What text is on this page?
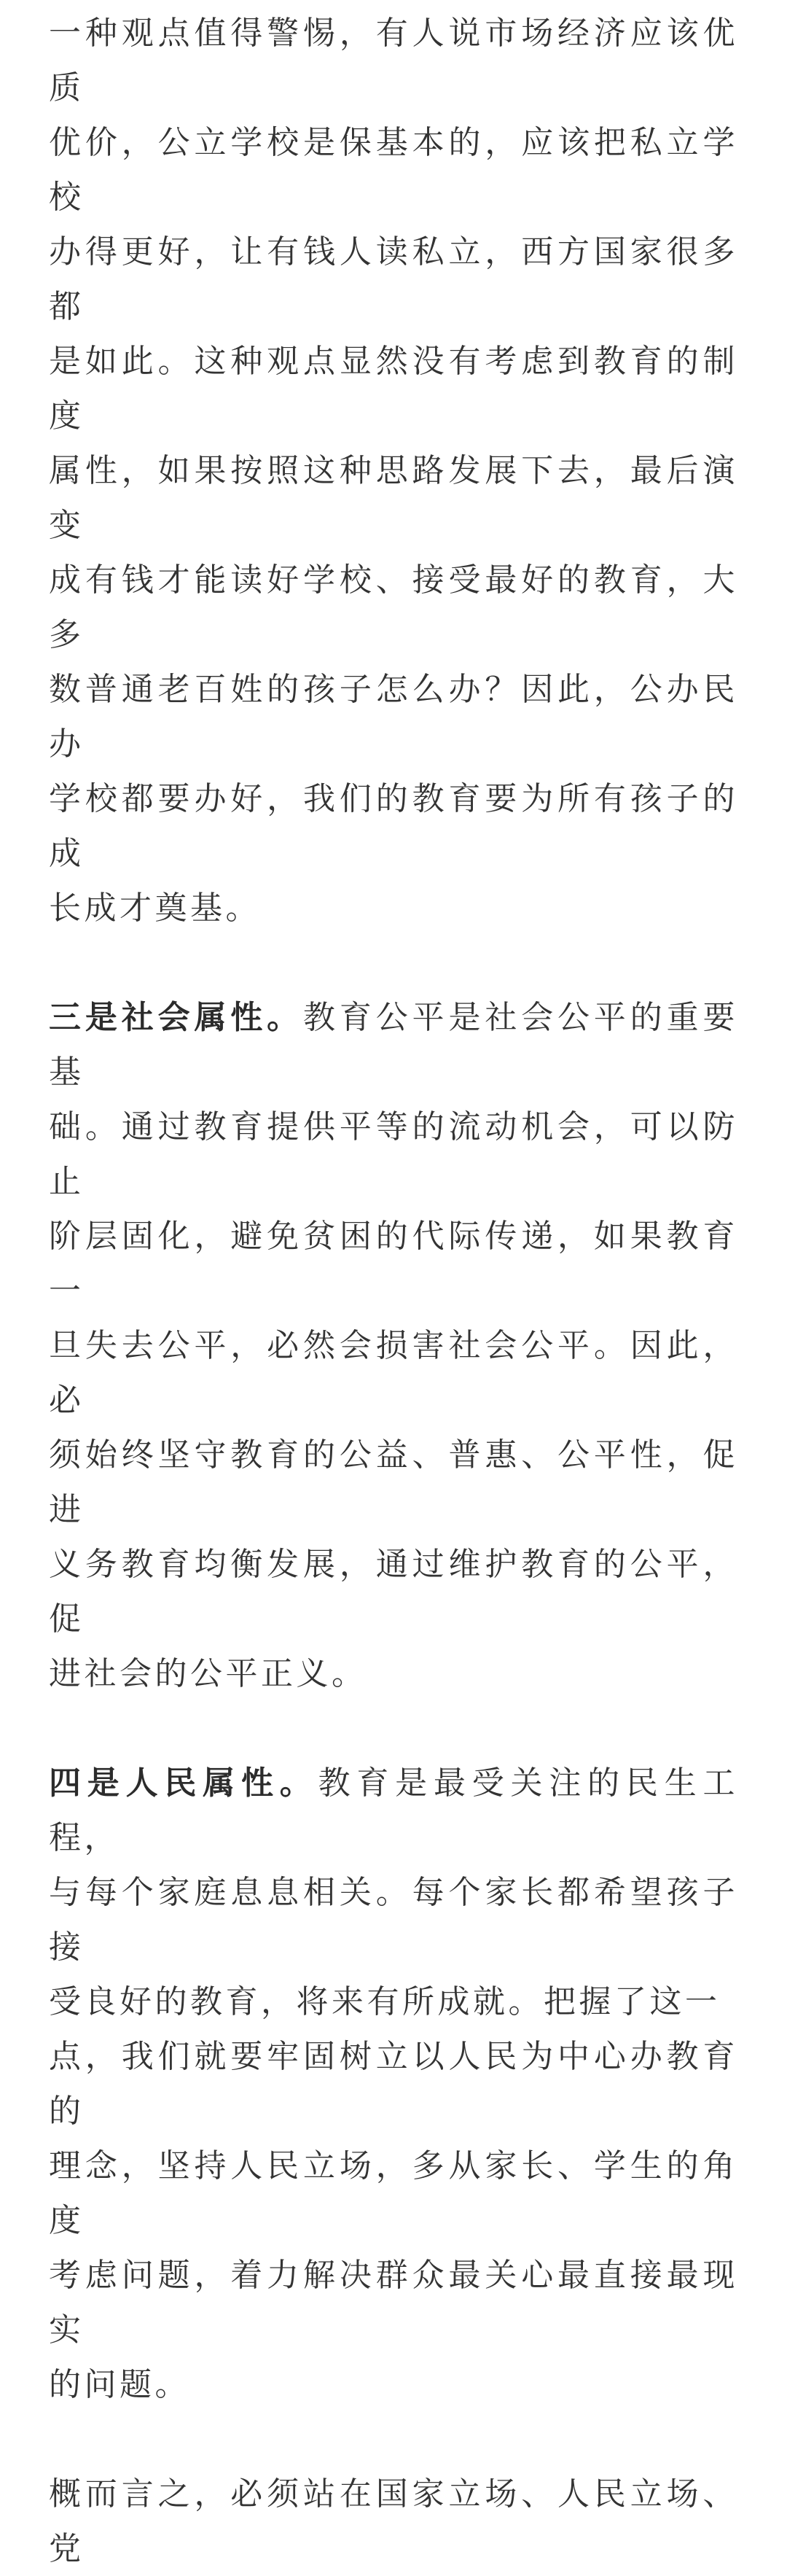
一种观点值得警惕，有人说市场经济应该优质
优价，公立学校是保基本的，应该把私立学校
办得更好，让有钱人读私立，西方国家很多都
是如此。这种观点显然没有考虑到教育的制度
属性，如果按照这种思路发展下去，最后演变
成有钱才能读好学校、接受最好的教育，大多
数普通老百姓的孩子怎么办？因此，公办民办
学校都要办好，我们的教育要为所有孩子的成
长成才奠基。

三是社会属性。教育公平是社会公平的重要基
础。通过教育提供平等的流动机会，可以防止
阶层固化，避免贫困的代际传递，如果教育一
旦失去公平，必然会损害社会公平。因此，必
须始终坚守教育的公益、普惠、公平性，促进
义务教育均衡发展，通过维护教育的公平，促
进社会的公平正义。

四是人民属性。教育是最受关注的民生工程，
与每个家庭息息相关。每个家长都希望孩子接
受良好的教育，将来有所成就。把握了这一
点，我们就要牢固树立以人民为中心办教育的
理念，坚持人民立场，多从家长、学生的角度
考虑问题，着力解决群众最关心最直接最现实
的问题。

概而言之，必须站在国家立场、人民立场、党
